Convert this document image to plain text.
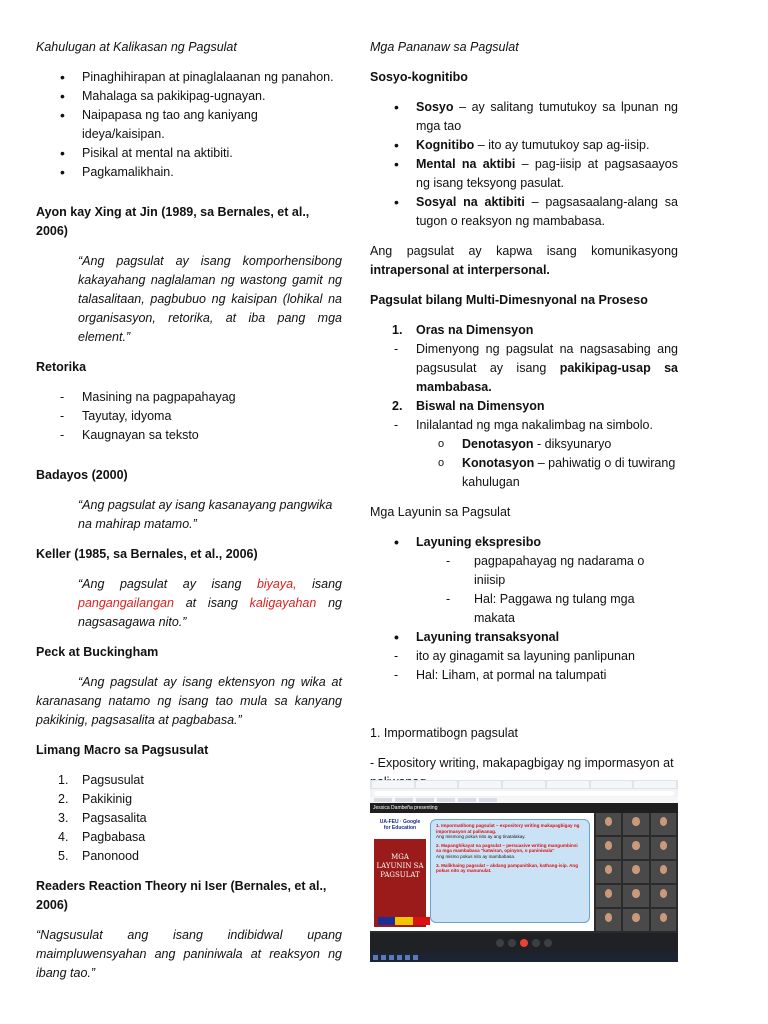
Kahulugan at Kalikasan ng Pagsulat

• Pinaghihirapan at pinaglalaanan ng panahon.
• Mahalaga sa pakikipag-ugnayan.
• Naipapasa ng tao ang kaniyang ideya/kaisipan.
• Pisikal at mental na aktibiti.
• Pagkamalikhain.

Ayon kay Xing at Jin (1989, sa Bernales, et al., 2006)

“Ang pagsulat ay isang komporhensibong kakayahang naglalaman ng wastong gamit ng talasalitaan, pagbubuo ng kaisipan (lohikal na organisasyon, retorika, at iba pang mga element.”

Retorika

- Masining na pagpapahayag
- Tayutay, idyoma
- Kaugnayan sa teksto

Badayos (2000)

“Ang pagsulat ay isang kasanayang pangwika na mahirap matamo.”

Keller (1985, sa Bernales, et al., 2006)

“Ang pagsulat ay isang biyaya, isang pangangailangan at isang kaligayahan ng nagsasagawa nito.”

Peck at Buckingham

“Ang pagsulat ay isang ektensyon ng wika at karanasang natamo ng isang tao mula sa kanyang pakikinig, pagsasalita at pagbabasa.”

Limang Macro sa Pagsusulat

1. Pagsusulat
2. Pakikinig
3. Pagsasalita
4. Pagbabasa
5. Panonood

Readers Reaction Theory ni Iser (Bernales, et al., 2006)

“Nagsusulat ang isang indibidwal upang maimpluwensyahan ang paniniwala at reaksyon ng ibang tao.”

Mga Pananaw sa Pagsulat

Sosyo-kognitibo

• Sosyo – ay salitang tumutukoy sa lpunan ng mga tao
• Kognitibo – ito ay tumutukoy sap ag-iisip.
• Mental na aktibi – pag-iisip at pagsasaayos ng isang teksyong pasulat.
• Sosyal na aktibiti – pagsasaalang-alang sa tugon o reaksyon ng mambabasa.

Ang pagsulat ay kapwa isang komunikasyong intrapersonal at interpersonal.

Pagsulat bilang Multi-Dimesnyonal na Proseso

1. Oras na Dimensyon
- Dimenyong ng pagsulat na nagsasabing ang pagsusulat ay isang pakikipag-usap sa mambabasa.
2. Biswal na Dimensyon
- Inilalantad ng mga nakalimbag na simbolo.
o Denotasyon - diksyunaryo
o Konotasyon – pahiwatig o di tuwirang kahulugan

Mga Layunin sa Pagsulat

• Layuning ekspresibo
- pagpapahayag ng nadarama o iniisip
- Hal: Paggawa ng tulang mga makata
• Layuning transaksyonal
- ito ay ginagamit sa layuning panlipunan
- Hal: Liham, at pormal na talumpati

1. Impormatibogn pagsulat

- Expository writing, makapagbigay ng impormasyon at

Jessica Dambeña presenting
UA-FEU · Google for Education
MGA LAYUNIN SA PAGSULAT
1. Impormatibong pagsulat – expository writing makapagbigay ng impormasyon at paliwanag.
Ang mismong pokus nito ay ang tinatalakay.
2. Mapanghikayat na pagsulat – persuasive writing mangumbinsi sa mga mambabasa "katwiran, opinyon, o paniniwala"
Ang mismo pokus nito ay mambabasa.
3. Malikhaing pagsulat – akdang pampanitikan, kathang-isip. Ang pokus nito ay manunulat.
